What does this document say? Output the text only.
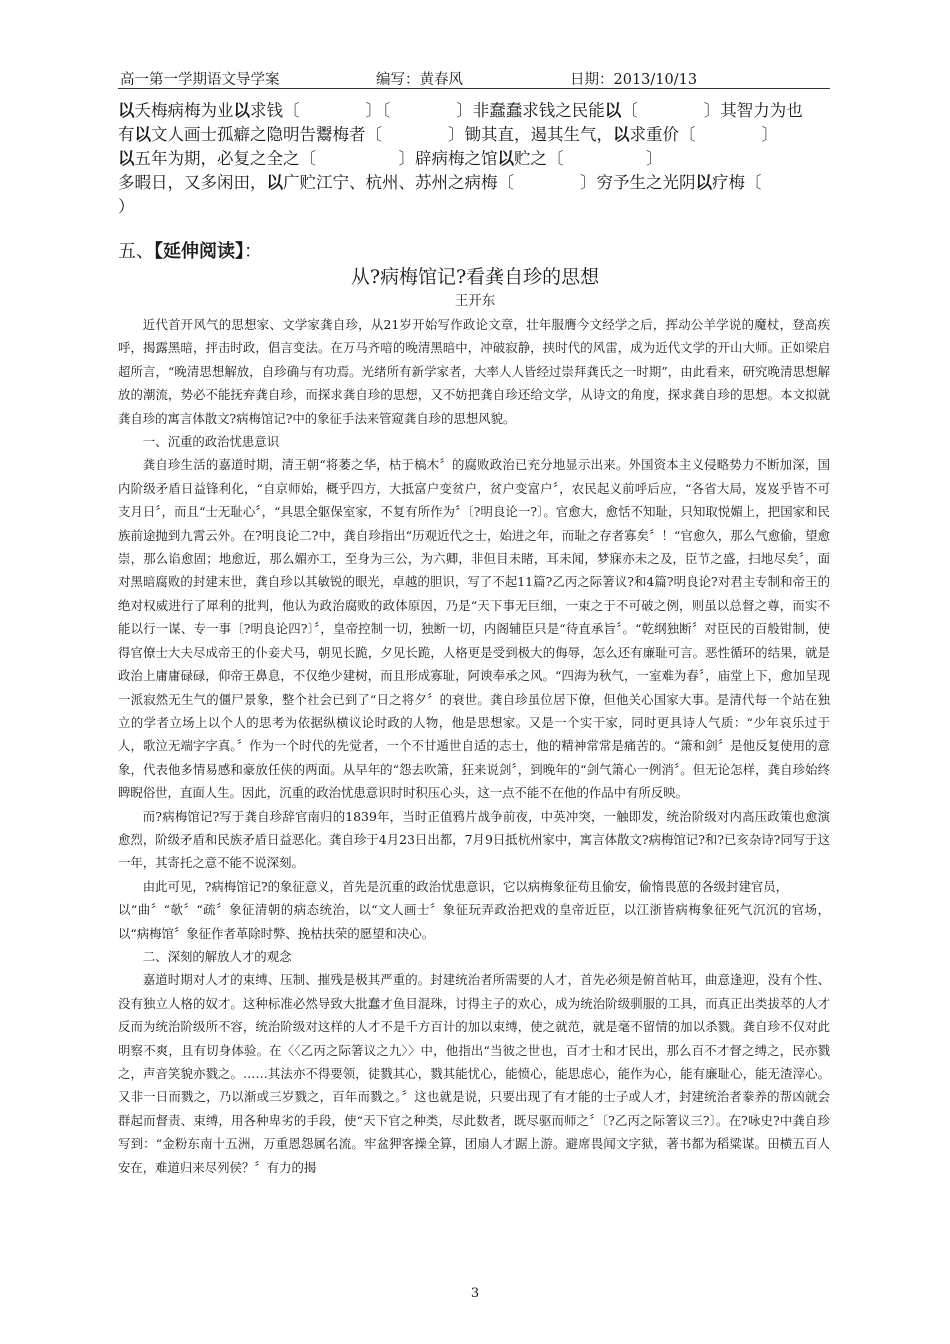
高一第一学期语文导学案	编写：黄春风	日期：2013/10/13
以夭梅病梅为业以求钱〔　　　　〕〔　　　　〕非蠢蠢求钱之民能以〔　　　　〕其智力为也
有以文人画士孤癖之隐明告鬻梅者〔　　　　〕锄其直，遏其生气，以求重价〔　　　　〕
以五年为期，必复之全之〔　　　　　〕辟病梅之馆以贮之〔　　　　　〕
多暇日，又多闲田，以广贮江宁、杭州、苏州之病梅〔　　　　〕穷予生之光阴以疗梅〔
）
五、【延伸阅读】：
从?病梅馆记?看龚自珍的思想
王开东

近代首开风气的思想家、文学家龚自珍，从21岁开始写作政论文章，壮年服膺今文经学之后，挥动公羊学说的魔杖，登高疾呼，揭露黑暗，抨击时政，倡言变法。在万马齐喑的晚清黑暗中，冲破寂静，挟时代的风雷，成为近代文学的开山大师。正如梁启超所言，“晚清思想解放，自珍确与有功焉。光绪所有新学家者，大率人人皆经过崇拜龚氏之一时期”，由此看来，研究晚清思想解放的潮流，势必不能抚弃龚自珍，而探求龚自珍的思想，又不妨把龚自珍还给文学，从诗文的角度，探求龚自珍的思想。本文拟就龚自珍的寓言体散文?病梅馆记?中的象征手法来管窥龚自珍的思想风貌。

一、沉重的政治忧患意识

龚自珍生活的嘉道时期，清王朝“将萎之华，枯于槁木〞的腐败政治已充分地显示出来。外国资本主义侵略势力不断加深，国内阶级矛盾日益锋利化，“自京师始，概乎四方，大抵富户变贫户，贫户变富户〞，农民起义前呼后应，“各省大局，岌岌乎皆不可支月日〞，而且“士无耻心〞，“具思全躯保室家，不复有所作为〞〔?明良论一?〕。官愈大，愈恬不知耻，只知取悦媚上，把国家和民族前途抛到九霄云外。在?明良论二?中，龚自珍指出“历观近代之士，始进之年，而耻之存者寡矣〞！“官愈久，那么气愈偷，望愈崇，那么谄愈固；地愈近，那么媚亦工，至身为三公，为六卿，非但目未睹，耳未闻，梦寐亦未之及，臣节之盛，扫地尽矣〞，面对黑暗腐败的封建末世，龚自珍以其敏锐的眼光，卓越的胆识，写了不起11篇?乙丙之际箸议?和4篇?明良论?对君主专制和帝王的绝对权威进行了犀利的批判，他认为政治腐败的政体原因，乃是“天下事无巨细，一束之于不可破之例，则虽以总督之尊，而实不能以行一谋、专一事〔?明良论四?〕〞，皇帝控制一切，独断一切，内阁辅臣只是“待直承旨〞。“乾纲独断〞对臣民的百般钳制，使得官僚士大夫尽成帝王的仆妾犬马，朝见长跪，夕见长跪，人格更是受到极大的侮辱，怎么还有廉耻可言。恶性循环的结果，就是政治上庸庸碌碌，仰帝王鼻息，不仅绝少建树，而且形成寡耻，阿谀奉承之风。“四海为秋气，一室难为春〞，庙堂上下，愈加呈现一派寂然无生气的僵尸景象，整个社会已到了“日之将夕〞的衰世。龚自珍虽位居下僚，但他关心国家大事。是清代每一个站在独立的学者立场上以个人的思考为依据纵横议论时政的人物，他是思想家。又是一个实干家，同时更具诗人气质：“少年哀乐过于人，歌泣无端字字真。〞作为一个时代的先觉者，一个不甘遁世自适的志士，他的精神常常是痛苦的。“箫和剑〞是他反复使用的意象，代表他多情易感和豪放任侠的两面。从早年的“怨去吹箫，狂来说剑〞，到晚年的“剑气箫心一例消〞。但无论怎样，龚自珍始终睥睨俗世，直面人生。因此，沉重的政治忧患意识时时积压心头，这一点不能不在他的作品中有所反映。

而?病梅馆记?写于龚自珍辞官南归的1839年，当时正值鸦片战争前夜，中英冲突，一触即发，统治阶级对内高压政策也愈演愈烈，阶级矛盾和民族矛盾日益恶化。龚自珍于4月23日出都，7月9日抵杭州家中，寓言体散文?病梅馆记?和?已亥杂诗?同写于这一年，其寄托之意不能不说深刻。

由此可见，?病梅馆记?的象征意义，首先是沉重的政治忧患意识，它以病梅象征苟且偷安，偷惰畏葸的各级封建官员，

以“曲〞“欹〞“疏〞象征清朝的病态统治，以“文人画士〞象征玩弄政治把戏的皇帝近臣，以江浙皆病梅象征死气沉沉的官场，以“病梅馆〞象征作者革除时弊、挽枯扶荣的愿望和决心。

二、深刻的解放人才的观念

嘉道时期对人才的束缚、压制、摧残是极其严重的。封建统治者所需要的人才，首先必须是俯首帖耳，曲意逢迎，没有个性、没有独立人格的奴才。这种标准必然导致大批蠢才鱼目混珠，讨得主子的欢心，成为统治阶级驯服的工具，而真正出类拔萃的人才反而为统治阶级所不容，统治阶级对这样的人才不是千方百计的加以束缚，使之就范，就是毫不留情的加以杀戮。龚自珍不仅对此明察不爽，且有切身体验。在〈〈乙丙之际箸议之九〉〉中，他指出“当彼之世也，百才士和才民出，那么百不才督之缚之，民亦戮之，声音笑貌亦戮之。……其法亦不得要领，徒戮其心，戮其能忧心，能愤心，能思虑心，能作为心，能有廉耻心，能无渣滓心。又非一日而戮之，乃以渐或三岁戮之，百年而戮之。〞这也就是说，只要出现了有才能的士子或人才，封建统治者豢养的帮凶就会群起而督责、束缚，用各种卑劣的手段，使“天下官之种类，尽此数者，既尽驱而师之〞〔?乙丙之际箸议三?〕。在?咏史?中龚自珍写到：“金粉东南十五洲，万重恩怨属名流。牢盆狎客操全算，团扇人才踞上游。避席畏闻文字狱，著书都为稻粱谋。田横五百人安在，难道归来尽列侯？〞有力的揭

3
